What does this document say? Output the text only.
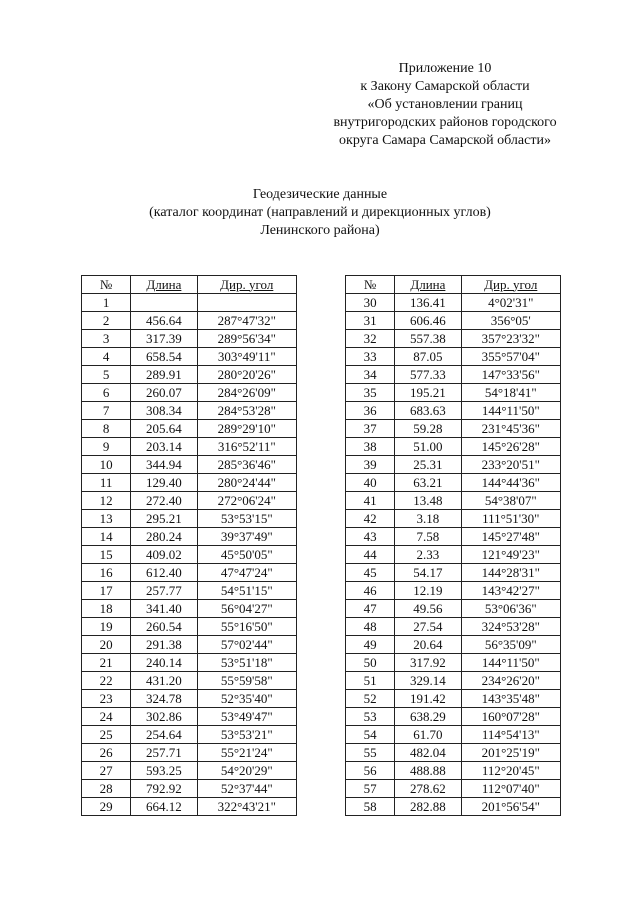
Приложение 10
к Закону Самарской области
«Об установлении границ
внутригородских районов городского
округа Самара Самарской области»
Геодезические данные
(каталог координат (направлений и дирекционных углов)
Ленинского района)
№	Длина	Дир. угол
1		
2	456.64	287°47'32"
3	317.39	289°56'34"
4	658.54	303°49'11"
5	289.91	280°20'26"
6	260.07	284°26'09"
7	308.34	284°53'28"
8	205.64	289°29'10"
9	203.14	316°52'11"
10	344.94	285°36'46"
11	129.40	280°24'44"
12	272.40	272°06'24"
13	295.21	53°53'15"
14	280.24	39°37'49"
15	409.02	45°50'05"
16	612.40	47°47'24"
17	257.77	54°51'15"
18	341.40	56°04'27"
19	260.54	55°16'50"
20	291.38	57°02'44"
21	240.14	53°51'18"
22	431.20	55°59'58"
23	324.78	52°35'40"
24	302.86	53°49'47"
25	254.64	53°53'21"
26	257.71	55°21'24"
27	593.25	54°20'29"
28	792.92	52°37'44"
29	664.12	322°43'21"
№	Длина	Дир. угол
30	136.41	4°02'31"
31	606.46	356°05'
32	557.38	357°23'32"
33	87.05	355°57'04"
34	577.33	147°33'56"
35	195.21	54°18'41"
36	683.63	144°11'50"
37	59.28	231°45'36"
38	51.00	145°26'28"
39	25.31	233°20'51"
40	63.21	144°44'36"
41	13.48	54°38'07"
42	3.18	111°51'30"
43	7.58	145°27'48"
44	2.33	121°49'23"
45	54.17	144°28'31"
46	12.19	143°42'27"
47	49.56	53°06'36"
48	27.54	324°53'28"
49	20.64	56°35'09"
50	317.92	144°11'50"
51	329.14	234°26'20"
52	191.42	143°35'48"
53	638.29	160°07'28"
54	61.70	114°54'13"
55	482.04	201°25'19"
56	488.88	112°20'45"
57	278.62	112°07'40"
58	282.88	201°56'54"
